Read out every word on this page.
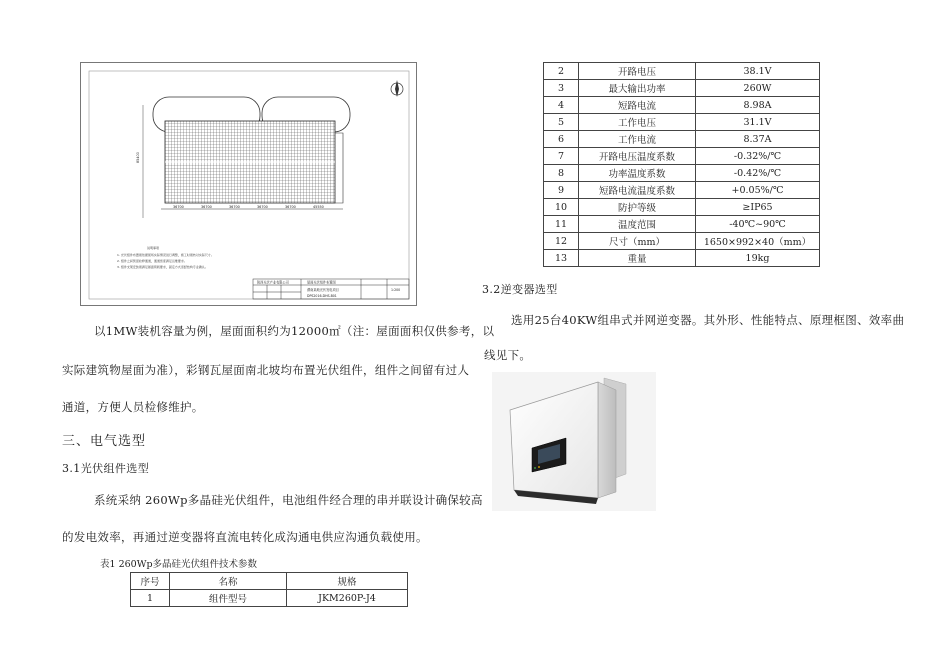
36700	36700	36700	36700	36700	45550
85400
说明事项
1. 光伏组件布置须依据现场实际情况进行调整，施工时须核对实际尺寸。
2. 组件之间预留检修通道，通道宽度满足运维要求。
3. 组件支架安装须满足屋面荷载要求，固定方式需经结构专业确认。
陕西光伏产业有限公司	屋面光伏组件布置图
渭南某地光伏发电项目
DPS2016-DHS-B01
1:200
以1MW装机容量为例，屋面面积约为12000㎡（注：屋面面积仅供参考，以
实际建筑物屋面为准），彩钢瓦屋面南北坡均布置光伏组件，组件之间留有过人
通道，方便人员检修维护。
三、电气选型
3.1光伏组件选型
系统采纳 260Wp多晶硅光伏组件，电池组件经合理的串并联设计确保较高
的发电效率，再通过逆变器将直流电转化成沟通电供应沟通负载使用。
表1 260Wp多晶硅光伏组件技术参数
序号	名称	规格
1	组件型号	JKM260P-J4
2	开路电压	38.1V
3	最大输出功率	260W
4	短路电流	8.98A
5	工作电压	31.1V
6	工作电流	8.37A
7	开路电压温度系数	-0.32%/℃
8	功率温度系数	-0.42%/℃
9	短路电流温度系数	+0.05%/℃
10	防护等级	≥IP65
11	温度范围	-40℃~90℃
12	尺寸（mm）	1650×992×40（mm）
13	重量	19kg
3.2逆变器选型
选用25台40KW组串式并网逆变器。其外形、性能特点、原理框图、效率曲
线见下。
